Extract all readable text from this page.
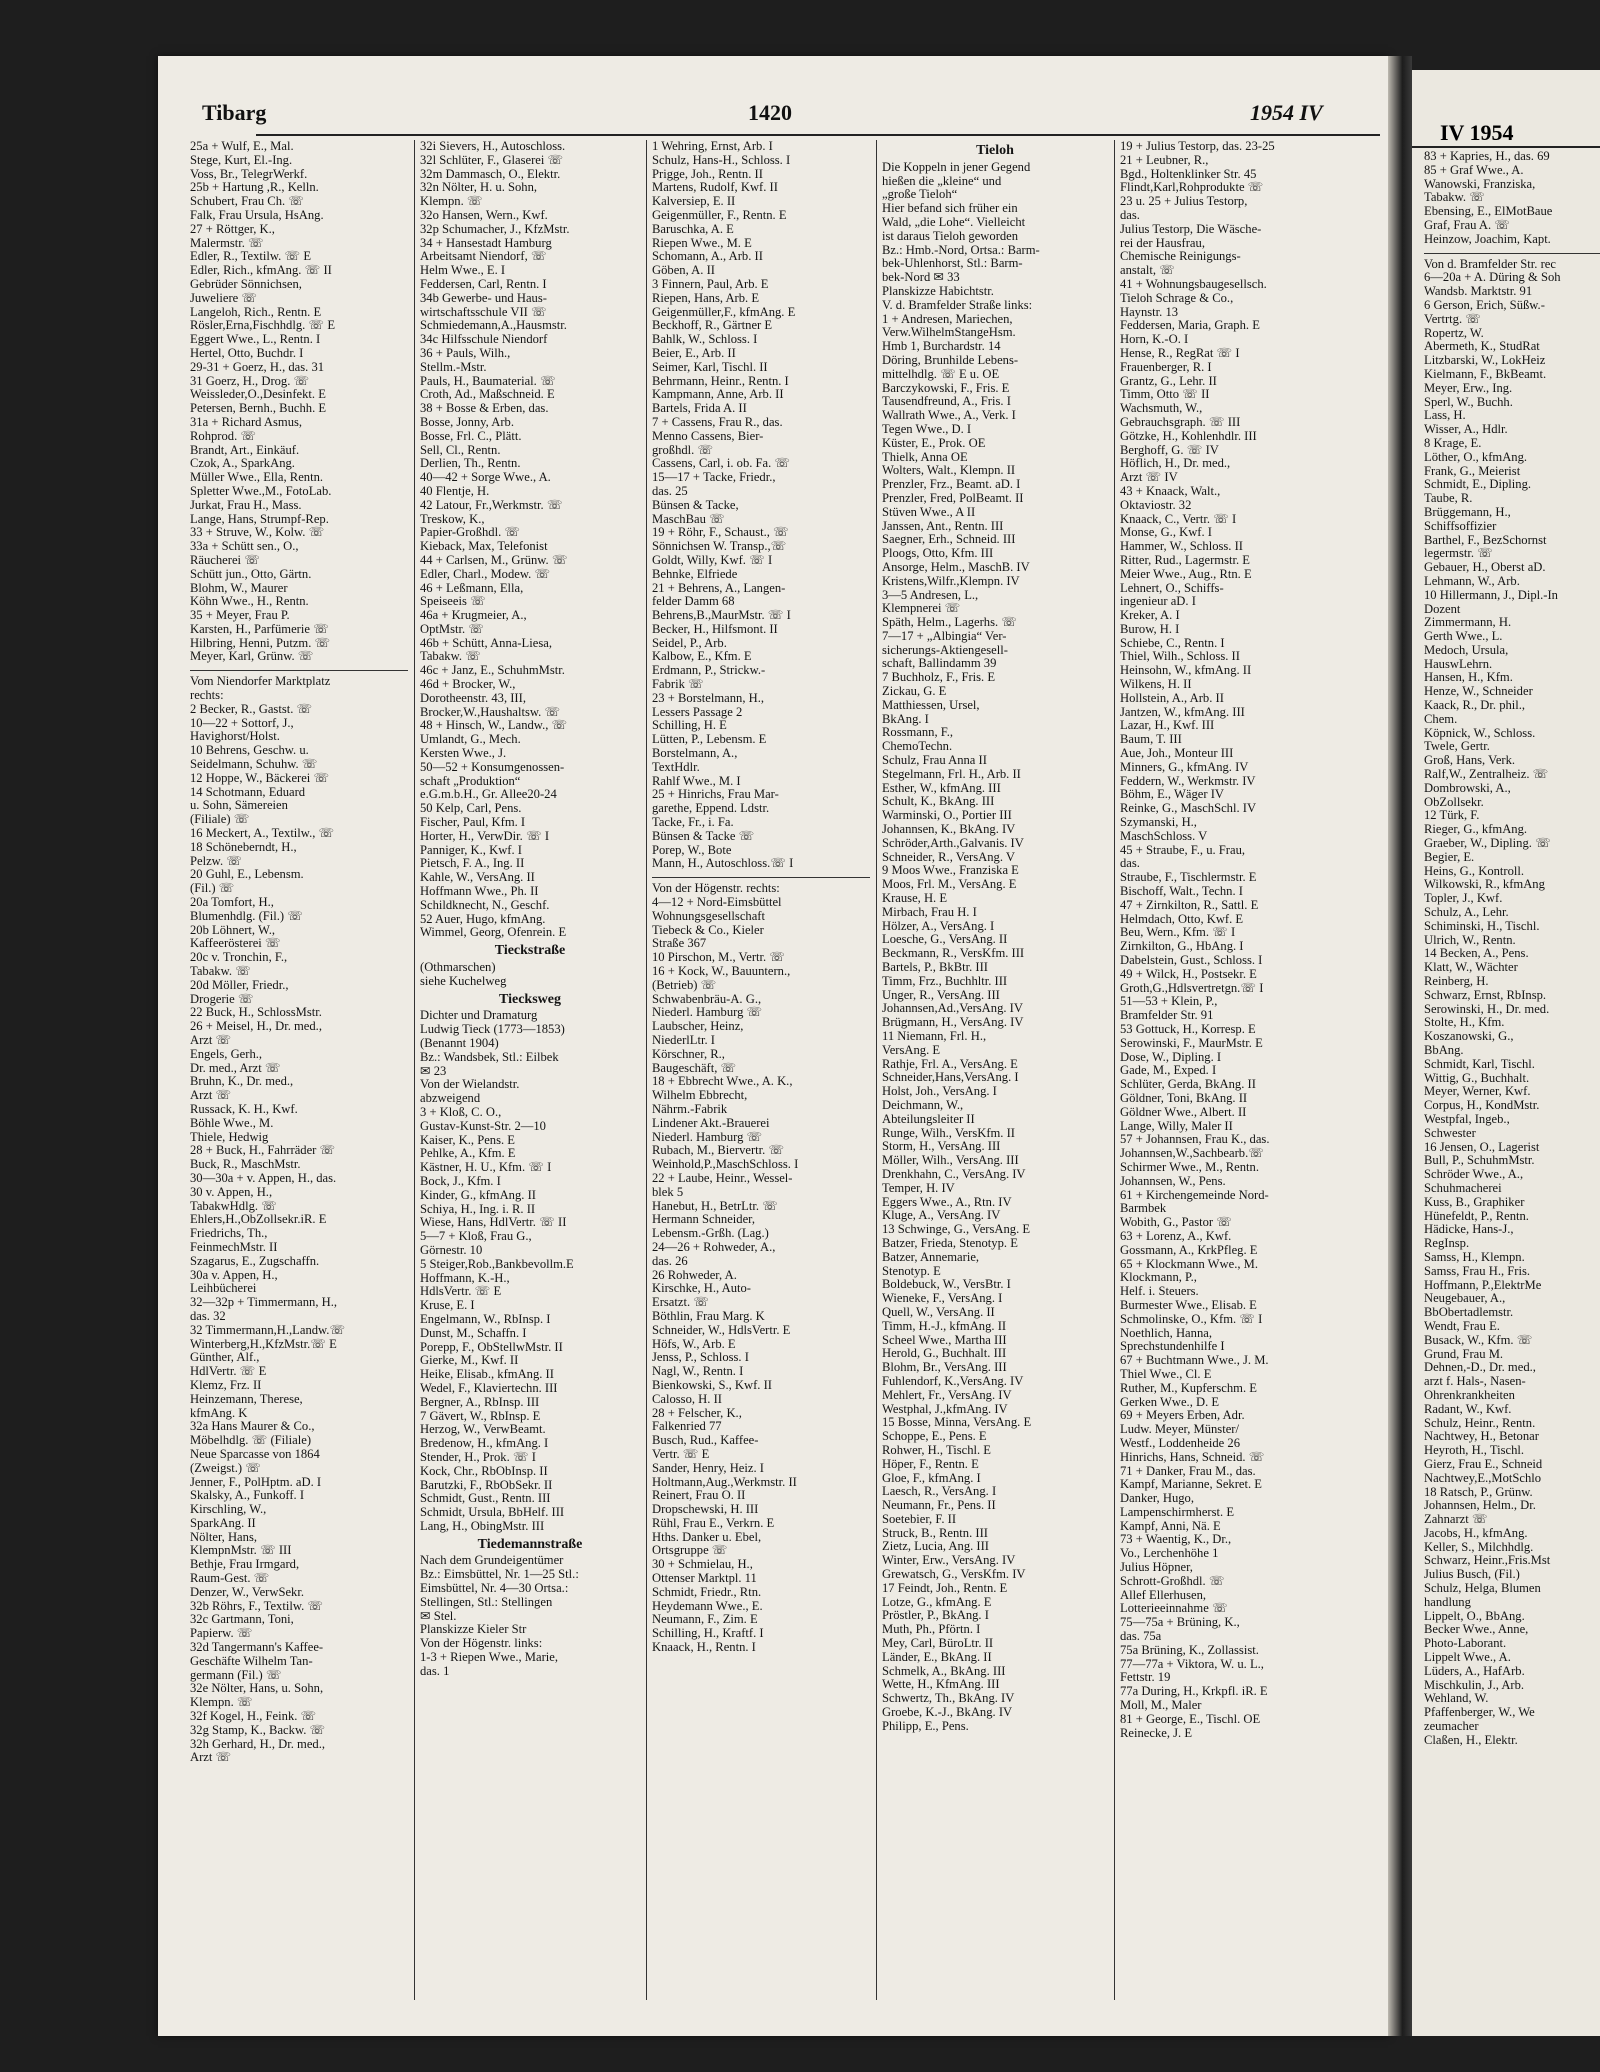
Tibarg	1420	1954 IV
25a + Wulf, E., Mal.
Stege, Kurt, El.-Ing.
Voss, Br., TelegrWerkf.
25b + Hartung ,R., Kelln.
Schubert, Frau Ch. ☏
Falk, Frau Ursula, HsAng.
27 + Röttger, K.,
Malermstr. ☏
Edler, R., Textilw. ☏ E
Edler, Rich., kfmAng. ☏ II
Gebrüder Sönnichsen,
Juweliere ☏
Langeloh, Rich., Rentn. E
Rösler,Erna,Fischhdlg. ☏ E
Eggert Wwe., L., Rentn. I
Hertel, Otto, Buchdr. I
29-31 + Goerz, H., das. 31
31 Goerz, H., Drog. ☏
Weissleder,O.,Desinfekt. E
Petersen, Bernh., Buchh. E
31a + Richard Asmus,
Rohprod. ☏
Brandt, Art., Einkäuf.
Czok, A., SparkAng.
Müller Wwe., Ella, Rentn.
Spletter Wwe.,M., FotoLab.
Jurkat, Frau H., Mass.
Lange, Hans, Strumpf-Rep.
33 + Struve, W., Kolw. ☏
33a + Schütt sen., O.,
Räucherei ☏
Schütt jun., Otto, Gärtn.
Blohm, W., Maurer
Köhn Wwe., H., Rentn.
35 + Meyer, Frau P.
Karsten, H., Parfümerie ☏
Hilbring, Henni, Putzm. ☏
Meyer, Karl, Grünw. ☏
Vom Niendorfer Marktplatz
rechts:
2 Becker, R., Gastst. ☏
10—22 + Sottorf, J.,
Havighorst/Holst.
10 Behrens, Geschw. u.
Seidelmann, Schuhw. ☏
12 Hoppe, W., Bäckerei ☏
14 Schotmann, Eduard
u. Sohn, Sämereien
(Filiale) ☏
16 Meckert, A., Textilw., ☏
18 Schöneberndt, H.,
Pelzw. ☏
20 Guhl, E., Lebensm.
(Fil.) ☏
20a Tomfort, H.,
Blumenhdlg. (Fil.) ☏
20b Löhnert, W.,
Kaffeerösterei ☏
20c v. Tronchin, F.,
Tabakw. ☏
20d Möller, Friedr.,
Drogerie ☏
22 Buck, H., SchlossMstr.
26 + Meisel, H., Dr. med.,
Arzt ☏
Engels, Gerh.,
Dr. med., Arzt ☏
Bruhn, K., Dr. med.,
Arzt ☏
Russack, K. H., Kwf.
Böhle Wwe., M.
Thiele, Hedwig
28 + Buck, H., Fahrräder ☏
Buck, R., MaschMstr.
30—30a + v. Appen, H., das.
30 v. Appen, H.,
TabakwHdlg. ☏
Ehlers,H.,ObZollsekr.iR. E
Friedrichs, Th.,
FeinmechMstr. II
Szagarus, E., Zugschaffn.
30a v. Appen, H.,
Leihbücherei
32—32p + Timmermann, H.,
das. 32
32 Timmermann,H.,Landw.☏
Winterberg,H.,KfzMstr.☏ E
Günther, Alf.,
HdlVertr. ☏ E
Klemz, Frz. II
Heinzemann, Therese,
kfmAng. K
32a Hans Maurer & Co.,
Möbelhdlg. ☏ (Filiale)
Neue Sparcasse von 1864
(Zweigst.) ☏
Jenner, F., PolHptm. aD. I
Skalsky, A., Funkoff. I
Kirschling, W.,
SparkAng. II
Nölter, Hans,
KlempnMstr. ☏ III
Bethje, Frau Irmgard,
Raum-Gest. ☏
Denzer, W., VerwSekr.
32b Röhrs, F., Textilw. ☏
32c Gartmann, Toni,
Papierw. ☏
32d Tangermann's Kaffee-
Geschäfte Wilhelm Tan-
germann (Fil.) ☏
32e Nölter, Hans, u. Sohn,
Klempn. ☏
32f Kogel, H., Feink. ☏
32g Stamp, K., Backw. ☏
32h Gerhard, H., Dr. med.,
Arzt ☏
32i Sievers, H., Autoschloss.
32l Schlüter, F., Glaserei ☏
32m Dammasch, O., Elektr.
32n Nölter, H. u. Sohn,
Klempn. ☏
32o Hansen, Wern., Kwf.
32p Schumacher, J., KfzMstr.
34 + Hansestadt Hamburg
Arbeitsamt Niendorf, ☏
Helm Wwe., E. I
Feddersen, Carl, Rentn. I
34b Gewerbe- und Haus-
wirtschaftsschule VII ☏
Schmiedemann,A.,Hausmstr.
34c Hilfsschule Niendorf
36 + Pauls, Wilh.,
Stellm.-Mstr.
Pauls, H., Baumaterial. ☏
Croth, Ad., Maßschneid. E
38 + Bosse & Erben, das.
Bosse, Jonny, Arb.
Bosse, Frl. C., Plätt.
Sell, Cl., Rentn.
Derlien, Th., Rentn.
40—42 + Sorge Wwe., A.
40 Flentje, H.
42 Latour, Fr.,Werkmstr. ☏
Treskow, K.,
Papier-Großhdl. ☏
Kieback, Max, Telefonist
44 + Carlsen, M., Grünw. ☏
Edler, Charl., Modew. ☏
46 + Leßmann, Ella,
Speiseeis ☏
46a + Krugmeier, A.,
OptMstr. ☏
46b + Schütt, Anna-Liesa,
Tabakw. ☏
46c + Janz, E., SchuhmMstr.
46d + Brocker, W.,
Dorotheenstr. 43, III,
Brocker,W.,Haushaltsw. ☏
48 + Hinsch, W., Landw., ☏
Umlandt, G., Mech.
Kersten Wwe., J.
50—52 + Konsumgenossen-
schaft „Produktion“
e.G.m.b.H., Gr. Allee20-24
50 Kelp, Carl, Pens.
Fischer, Paul, Kfm. I
Horter, H., VerwDir. ☏ I
Panniger, K., Kwf. I
Pietsch, F. A., Ing. II
Kahle, W., VersAng. II
Hoffmann Wwe., Ph. II
Schildknecht, N., Geschf.
52 Auer, Hugo, kfmAng.
Wimmel, Georg, Ofenrein. E
Tieckstraße
(Othmarschen)
siehe Kuchelweg
Tiecksweg
Dichter und Dramaturg
Ludwig Tieck (1773—1853)
(Benannt 1904)
Bz.: Wandsbek, Stl.: Eilbek
✉ 23
Von der Wielandstr.
abzweigend
3 + Kloß, C. O.,
Gustav-Kunst-Str. 2—10
Kaiser, K., Pens. E
Pehlke, A., Kfm. E
Kästner, H. U., Kfm. ☏ I
Bock, J., Kfm. I
Kinder, G., kfmAng. II
Schiya, H., Ing. i. R. II
Wiese, Hans, HdlVertr. ☏ II
5—7 + Kloß, Frau G.,
Görnestr. 10
5 Steiger,Rob.,Bankbevollm.E
Hoffmann, K.-H.,
HdlsVertr. ☏ E
Kruse, E. I
Engelmann, W., RbInsp. I
Dunst, M., Schaffn. I
Porepp, F., ObStellwMstr. II
Gierke, M., Kwf. II
Heike, Elisab., kfmAng. II
Wedel, F., Klaviertechn. III
Bergner, A., RbInsp. III
7 Gävert, W., RbInsp. E
Herzog, W., VerwBeamt.
Bredenow, H., kfmAng. I
Stender, H., Prok. ☏ I
Kock, Chr., RbObInsp. II
Barutzki, F., RbObSekr. II
Schmidt, Gust., Rentn. III
Schmidt, Ursula, BbHelf. III
Lang, H., ObingMstr. III
Tiedemannstraße
Nach dem Grundeigentümer
Bz.: Eimsbüttel, Nr. 1—25 Stl.:
Eimsbüttel, Nr. 4—30 Ortsa.:
Stellingen, Stl.: Stellingen
✉ Stel.
Planskizze Kieler Str
Von der Högenstr. links:
1-3 + Riepen Wwe., Marie,
das. 1
1 Wehring, Ernst, Arb. I
Schulz, Hans-H., Schloss. I
Prigge, Joh., Rentn. II
Martens, Rudolf, Kwf. II
Kalversiep, E. II
Geigenmüller, F., Rentn. E
Baruschka, A. E
Riepen Wwe., M. E
Schomann, A., Arb. II
Göben, A. II
3 Finnern, Paul, Arb. E
Riepen, Hans, Arb. E
Geigenmüller,F., kfmAng. E
Beckhoff, R., Gärtner E
Bahlk, W., Schloss. I
Beier, E., Arb. II
Seimer, Karl, Tischl. II
Behrmann, Heinr., Rentn. I
Kampmann, Anne, Arb. II
Bartels, Frida A. II
7 + Cassens, Frau R., das.
Menno Cassens, Bier-
großhdl. ☏
Cassens, Carl, i. ob. Fa. ☏
15—17 + Tacke, Friedr.,
das. 25
Bünsen & Tacke,
MaschBau ☏
19 + Röhr, F., Schaust., ☏
Sönnichsen W. Transp.,☏
Goldt, Willy, Kwf. ☏ I
Behnke, Elfriede
21 + Behrens, A., Langen-
felder Damm 68
Behrens,B.,MaurMstr. ☏ I
Becker, H., Hilfsmont. II
Seidel, P., Arb.
Kalbow, E., Kfm. E
Erdmann, P., Strickw.-
Fabrik ☏
23 + Borstelmann, H.,
Lessers Passage 2
Schilling, H. E
Lütten, P., Lebensm. E
Borstelmann, A.,
TextHdlr.
Rahlf Wwe., M. I
25 + Hinrichs, Frau Mar-
garethe, Eppend. Ldstr.
Tacke, Fr., i. Fa.
Bünsen & Tacke ☏
Porep, W., Bote
Mann, H., Autoschloss.☏ I
Von der Högenstr. rechts:
4—12 + Nord-Eimsbüttel
Wohnungsgesellschaft
Tiebeck & Co., Kieler
Straße 367
10 Pirschon, M., Vertr. ☏
16 + Kock, W., Bauuntern.,
(Betrieb) ☏
Schwabenbräu-A. G.,
Niederl. Hamburg ☏
Laubscher, Heinz,
NiederlLtr. I
Körschner, R.,
Baugeschäft, ☏
18 + Ebbrecht Wwe., A. K.,
Wilhelm Ebbrecht,
Nährm.-Fabrik
Lindener Akt.-Brauerei
Niederl. Hamburg ☏
Rubach, M., Biervertr. ☏
Weinhold,P.,MaschSchloss. I
22 + Laube, Heinr., Wessel-
blek 5
Hanebut, H., BetrLtr. ☏
Hermann Schneider,
Lebensm.-Grßh. (Lag.)
24—26 + Rohweder, A.,
das. 26
26 Rohweder, A.
Kirschke, H., Auto-
Ersatzt. ☏
Böthlin, Frau Marg. K
Schneider, W., HdlsVertr. E
Höfs, W., Arb. E
Jenss, P., Schloss. I
Nagl, W., Rentn. I
Bienkowski, S., Kwf. II
Calosso, H. II
28 + Felscher, K.,
Falkenried 77
Busch, Rud., Kaffee-
Vertr. ☏ E
Sander, Henry, Heiz. I
Holtmann,Aug.,Werkmstr. II
Reinert, Frau O. II
Dropschewski, H. III
Rühl, Frau E., Verkrn. E
Hths. Danker u. Ebel,
Ortsgruppe ☏
30 + Schmielau, H.,
Ottenser Marktpl. 11
Schmidt, Friedr., Rtn.
Heydemann Wwe., E.
Neumann, F., Zim. E
Schilling, H., Kraftf. I
Knaack, H., Rentn. I
Tieloh
Die Koppeln in jener Gegend
hießen die „kleine“ und
„große Tieloh“
Hier befand sich früher ein
Wald, „die Lohe“. Vielleicht
ist daraus Tieloh geworden
Bz.: Hmb.-Nord, Ortsa.: Barm-
bek-Uhlenhorst, Stl.: Barm-
bek-Nord ✉ 33
Planskizze Habichtstr.
V. d. Bramfelder Straße links:
1 + Andresen, Mariechen,
Verw.WilhelmStangeHsm.
Hmb 1, Burchardstr. 14
Döring, Brunhilde Lebens-
mittelhdlg. ☏ E u. OE
Barczykowski, F., Fris. E
Tausendfreund, A., Fris. I
Wallrath Wwe., A., Verk. I
Tegen Wwe., D. I
Küster, E., Prok. OE
Thielk, Anna OE
Wolters, Walt., Klempn. II
Prenzler, Frz., Beamt. aD. I
Prenzler, Fred, PolBeamt. II
Stüven Wwe., A II
Janssen, Ant., Rentn. III
Saegner, Erh., Schneid. III
Ploogs, Otto, Kfm. III
Ansorge, Helm., MaschB. IV
Kristens,Wilfr.,Klempn. IV
3—5 Andresen, L.,
Klempnerei ☏
Späth, Helm., Lagerhs. ☏
7—17 + „Albingia“ Ver-
sicherungs-Aktiengesell-
schaft, Ballindamm 39
7 Buchholz, F., Fris. E
Zickau, G. E
Matthiessen, Ursel,
BkAng. I
Rossmann, F.,
ChemoTechn.
Schulz, Frau Anna II
Stegelmann, Frl. H., Arb. II
Esther, W., kfmAng. III
Schult, K., BkAng. III
Warminski, O., Portier III
Johannsen, K., BkAng. IV
Schröder,Arth.,Galvanis. IV
Schneider, R., VersAng. V
9 Moos Wwe., Franziska E
Moos, Frl. M., VersAng. E
Krause, H. E
Mirbach, Frau H. I
Hölzer, A., VersAng. I
Loesche, G., VersAng. II
Beckmann, R., VersKfm. III
Bartels, P., BkBtr. III
Timm, Frz., Buchhltr. III
Unger, R., VersAng. III
Johannsen,Ad.,VersAng. IV
Brügmann, H., VersAng. IV
11 Niemann, Frl. H.,
VersAng. E
Rathje, Frl. A., VersAng. E
Schneider,Hans,VersAng. I
Holst, Joh., VersAng. I
Deichmann, W.,
Abteilungsleiter II
Runge, Wilh., VersKfm. II
Storm, H., VersAng. III
Möller, Wilh., VersAng. III
Drenkhahn, C., VersAng. IV
Temper, H. IV
Eggers Wwe., A., Rtn. IV
Kluge, A., VersAng. IV
13 Schwinge, G., VersAng. E
Batzer, Frieda, Stenotyp. E
Batzer, Annemarie,
Stenotyp. E
Boldebuck, W., VersBtr. I
Wieneke, F., VersAng. I
Quell, W., VersAng. II
Timm, H.-J., kfmAng. II
Scheel Wwe., Martha III
Herold, G., Buchhalt. III
Blohm, Br., VersAng. III
Fuhlendorf, K.,VersAng. IV
Mehlert, Fr., VersAng. IV
Westphal, J.,kfmAng. IV
15 Bosse, Minna, VersAng. E
Schoppe, E., Pens. E
Rohwer, H., Tischl. E
Höper, F., Rentn. E
Gloe, F., kfmAng. I
Laesch, R., VersAng. I
Neumann, Fr., Pens. II
Soetebier, F. II
Struck, B., Rentn. III
Zietz, Lucia, Ang. III
Winter, Erw., VersAng. IV
Grewatsch, G., VersKfm. IV
17 Feindt, Joh., Rentn. E
Lotze, G., kfmAng. E
Pröstler, P., BkAng. I
Muth, Ph., Pförtn. I
Mey, Carl, BüroLtr. II
Länder, E., BkAng. II
Schmelk, A., BkAng. III
Wette, H., KfmAng. III
Schwertz, Th., BkAng. IV
Groebe, K.-J., BkAng. IV
Philipp, E., Pens.
19 + Julius Testorp, das. 23-25
21 + Leubner, R.,
Bgd., Holtenklinker Str. 45
Flindt,Karl,Rohprodukte ☏
23 u. 25 + Julius Testorp,
das.
Julius Testorp, Die Wäsche-
rei der Hausfrau,
Chemische Reinigungs-
anstalt, ☏
41 + Wohnungsbaugesellsch.
Tieloh Schrage & Co.,
Haynstr. 13
Feddersen, Maria, Graph. E
Horn, K.-O. I
Hense, R., RegRat ☏ I
Frauenberger, R. I
Grantz, G., Lehr. II
Timm, Otto ☏ II
Wachsmuth, W.,
Gebrauchsgraph. ☏ III
Götzke, H., Kohlenhdlr. III
Berghoff, G. ☏ IV
Höflich, H., Dr. med.,
Arzt ☏ IV
43 + Knaack, Walt.,
Oktaviostr. 32
Knaack, C., Vertr. ☏ I
Monse, G., Kwf. I
Hammer, W., Schloss. II
Ritter, Rud., Lagermstr. E
Meier Wwe., Aug., Rtn. E
Lehnert, O., Schiffs-
ingenieur aD. I
Kreker, A. I
Burow, H. I
Schiebe, C., Rentn. I
Thiel, Wilh., Schloss. II
Heinsohn, W., kfmAng. II
Wilkens, H. II
Hollstein, A., Arb. II
Jantzen, W., kfmAng. III
Lazar, H., Kwf. III
Baum, T. III
Aue, Joh., Monteur III
Minners, G., kfmAng. IV
Feddern, W., Werkmstr. IV
Böhm, E., Wäger IV
Reinke, G., MaschSchl. IV
Szymanski, H.,
MaschSchloss. V
45 + Straube, F., u. Frau,
das.
Straube, F., Tischlermstr. E
Bischoff, Walt., Techn. I
47 + Zirnkilton, R., Sattl. E
Helmdach, Otto, Kwf. E
Beu, Wern., Kfm. ☏ I
Zirnkilton, G., HbAng. I
Dabelstein, Gust., Schloss. I
49 + Wilck, H., Postsekr. E
Groth,G.,Hdlsvertretgn.☏ I
51—53 + Klein, P.,
Bramfelder Str. 91
53 Gottuck, H., Korresp. E
Serowinski, F., MaurMstr. E
Dose, W., Dipling. I
Gade, M., Exped. I
Schlüter, Gerda, BkAng. II
Göldner, Toni, BkAng. II
Göldner Wwe., Albert. II
Lange, Willy, Maler II
57 + Johannsen, Frau K., das.
Johannsen,W.,Sachbearb.☏
Schirmer Wwe., M., Rentn.
Johannsen, W., Pens.
61 + Kirchengemeinde Nord-
Barmbek
Wobith, G., Pastor ☏
63 + Lorenz, A., Kwf.
Gossmann, A., KrkPfleg. E
65 + Klockmann Wwe., M.
Klockmann, P.,
Helf. i. Steuers.
Burmester Wwe., Elisab. E
Schmolinske, O., Kfm. ☏ I
Noethlich, Hanna,
Sprechstundenhilfe I
67 + Buchtmann Wwe., J. M.
Thiel Wwe., Cl. E
Ruther, M., Kupferschm. E
Gerken Wwe., D. E
69 + Meyers Erben, Adr.
Ludw. Meyer, Münster/
Westf., Loddenheide 26
Hinrichs, Hans, Schneid. ☏
71 + Danker, Frau M., das.
Kampf, Marianne, Sekret. E
Danker, Hugo,
Lampenschirmherst. E
Kampf, Anni, Nä. E
73 + Waentig, K., Dr.,
Vo., Lerchenhöhe 1
Julius Höpner,
Schrott-Großhdl. ☏
Allef Ellerhusen,
Lotterieeinnahme ☏
75—75a + Brüning, K.,
das. 75a
75a Brüning, K., Zollassist.
77—77a + Viktora, W. u. L.,
Fettstr. 19
77a During, H., Krkpfl. iR. E
Moll, M., Maler
81 + George, E., Tischl. OE
Reinecke, J. E
IV 1954
83 + Kapries, H., das. 69
85 + Graf Wwe., A.
Wanowski, Franziska,
Tabakw. ☏
Ebensing, E., ElMotBaue
Graf, Frau A. ☏
Heinzow, Joachim, Kapt.
Von d. Bramfelder Str. rec
6—20a + A. Düring & Soh
Wandsb. Marktstr. 91
6 Gerson, Erich, Süßw.-
Vertrtg. ☏
Ropertz, W.
Abermeth, K., StudRat
Litzbarski, W., LokHeiz
Kielmann, F., BkBeamt.
Meyer, Erw., Ing.
Sperl, W., Buchh.
Lass, H.
Wisser, A., Hdlr.
8 Krage, E.
Löther, O., kfmAng.
Frank, G., Meierist
Schmidt, E., Dipling.
Taube, R.
Brüggemann, H.,
Schiffsoffizier
Barthel, F., BezSchornst
legermstr. ☏
Gebauer, H., Oberst aD.
Lehmann, W., Arb.
10 Hillermann, J., Dipl.-In
Dozent
Zimmermann, H.
Gerth Wwe., L.
Medoch, Ursula,
HauswLehrn.
Hansen, H., Kfm.
Henze, W., Schneider
Kaack, R., Dr. phil.,
Chem.
Köpnick, W., Schloss.
Twele, Gertr.
Groß, Hans, Verk.
Ralf,W., Zentralheiz. ☏
Dombrowski, A.,
ObZollsekr.
12 Türk, F.
Rieger, G., kfmAng.
Graeber, W., Dipling. ☏
Begier, E.
Heins, G., Kontroll.
Wilkowski, R., kfmAng
Topler, J., Kwf.
Schulz, A., Lehr.
Schiminski, H., Tischl.
Ulrich, W., Rentn.
14 Becken, A., Pens.
Klatt, W., Wächter
Reinberg, H.
Schwarz, Ernst, RbInsp.
Serowinski, H., Dr. med.
Stolte, H., Kfm.
Koszanowski, G.,
BbAng.
Schmidt, Karl, Tischl.
Wittig, G., Buchhalt.
Meyer, Werner, Kwf.
Corpus, H., KondMstr.
Westpfal, Ingeb.,
Schwester
16 Jensen, O., Lagerist
Bull, P., SchuhmMstr.
Schröder Wwe., A.,
Schuhmacherei
Kuss, B., Graphiker
Hünefeldt, P., Rentn.
Hädicke, Hans-J.,
RegInsp.
Samss, H., Klempn.
Samss, Frau H., Fris.
Hoffmann, P.,ElektrMe
Neugebauer, A.,
BbObertadlemstr.
Wendt, Frau E.
Busack, W., Kfm. ☏
Grund, Frau M.
Dehnen,-D., Dr. med.,
arzt f. Hals-, Nasen-
Ohrenkrankheiten
Radant, W., Kwf.
Schulz, Heinr., Rentn.
Nachtwey, H., Betonar
Heyroth, H., Tischl.
Gierz, Frau E., Schneid
Nachtwey,E.,MotSchlo
18 Ratsch, P., Grünw.
Johannsen, Helm., Dr.
Zahnarzt ☏
Jacobs, H., kfmAng.
Keller, S., Milchhdlg.
Schwarz, Heinr.,Fris.Mst
Julius Busch, (Fil.)
Schulz, Helga, Blumen
handlung
Lippelt, O., BbAng.
Becker Wwe., Anne,
Photo-Laborant.
Lippelt Wwe., A.
Lüders, A., HafArb.
Mischkulin, J., Arb.
Wehland, W.
Pfaffenberger, W., We
zeumacher
Claßen, H., Elektr.
